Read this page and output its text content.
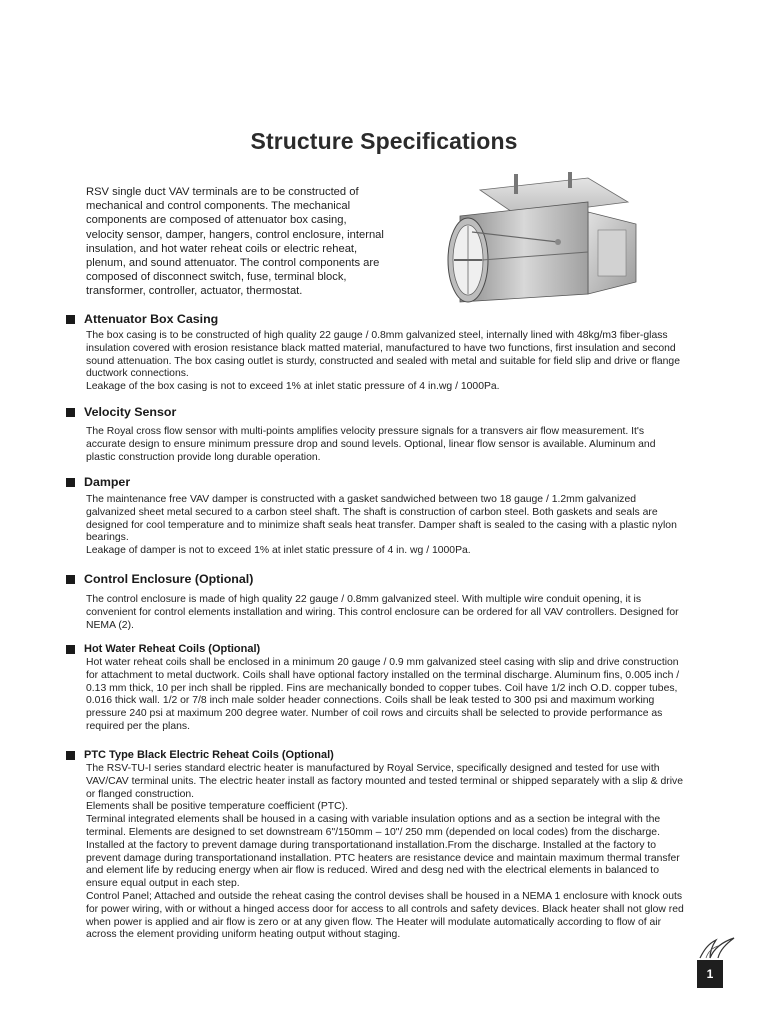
Structure Specifications
RSV single duct VAV terminals are to be constructed of mechanical and control components. The mechanical components are composed of attenuator box casing, velocity sensor, damper, hangers, control enclosure, internal insulation, and hot water reheat coils or electric reheat, plenum, and sound attenuator. The control components are composed of disconnect switch, fuse, terminal block, transformer, controller, actuator, thermostat.
Attenuator Box Casing

The box casing is to be constructed of high quality 22 gauge / 0.8mm galvanized steel, internally lined with 48kg/m3 fiber-glass insulation covered with erosion resistance black matted material, manufactured to have two functions, first insulation and second sound attenuation. The box casing outlet is sturdy, constructed and sealed with metal and suitable for field slip and drive or flange ductwork connections.

Leakage of the box casing is not to exceed 1% at inlet static pressure of 4 in.wg / 1000Pa.

Velocity Sensor

The Royal cross flow sensor with multi-points amplifies velocity pressure signals for a transvers air flow measurement. It's accurate design to ensure minimum pressure drop and sound levels. Optional, linear flow sensor is available. Aluminum and plastic construction provide long durable operation.

Damper

The maintenance free VAV damper is constructed with a gasket sandwiched between two 18 gauge / 1.2mm galvanized galvanized sheet metal secured to a carbon steel shaft. The shaft is construction of carbon steel. Both gaskets and seals are designed for cool temperature and to minimize shaft seals heat transfer. Damper shaft is sealed to the casing with a plastic nylon bearings.

Leakage of damper is not to exceed 1% at inlet static pressure of 4 in. wg / 1000Pa.

Control Enclosure (Optional)

The control enclosure is made of high quality 22 gauge / 0.8mm galvanized steel. With multiple wire conduit opening, it is convenient for control elements installation and wiring. This control enclosure can be ordered for all VAV controllers. Designed for NEMA (2).

Hot Water Reheat Coils (Optional)

Hot water reheat coils shall be enclosed in a minimum 20 gauge / 0.9 mm galvanized steel casing with slip and drive construction for attachment to metal ductwork. Coils shall have optional factory installed on the terminal discharge. Aluminum fins, 0.005 inch / 0.13 mm thick, 10 per inch shall be rippled. Fins are mechanically bonded to copper tubes. Coil have 1/2 inch O.D. copper tubes, 0.016 thick wall. 1/2 or 7/8 inch male solder header connections. Coils shall be leak tested to 300 psi and maximum working pressure 240 psi at maximum 200 degree water. Number of coil rows and circuits shall be selected to provide performance as required per the plans.

PTC Type Black Electric Reheat Coils (Optional)

The RSV-TU-I series standard electric heater is manufactured by Royal Service, specifically designed and tested for use with VAV/CAV terminal units. The electric heater install as factory mounted and tested terminal or shipped separately with a slip & drive or flanged construction.

Elements shall be positive temperature coefficient (PTC).

Terminal integrated elements shall be housed in a casing with variable insulation options and as a section be integral with the terminal. Elements are designed to set downstream 6"/150mm – 10"/ 250 mm (depended on local codes) from the discharge. Installed at the factory to prevent damage during transportationand installation.From the discharge. Installed at the factory to prevent damage during transportationand installation. PTC heaters are resistance device and maintain maximum thermal transfer and element life by reducing energy when air flow is reduced. Wired and desg ned with the electrical elements in balanced to ensure equal output in each step.

Control Panel; Attached and outside the reheat casing the control devises shall be housed in a NEMA 1 enclosure with knock outs for power wiring, with or without a hinged access door for access to all controls and safety devices. Black heater shall not glow red when power is applied and air flow is zero or at any given flow. The Heater will modulate automatically according to flow of air across the element providing uniform heating output without staging.

1
